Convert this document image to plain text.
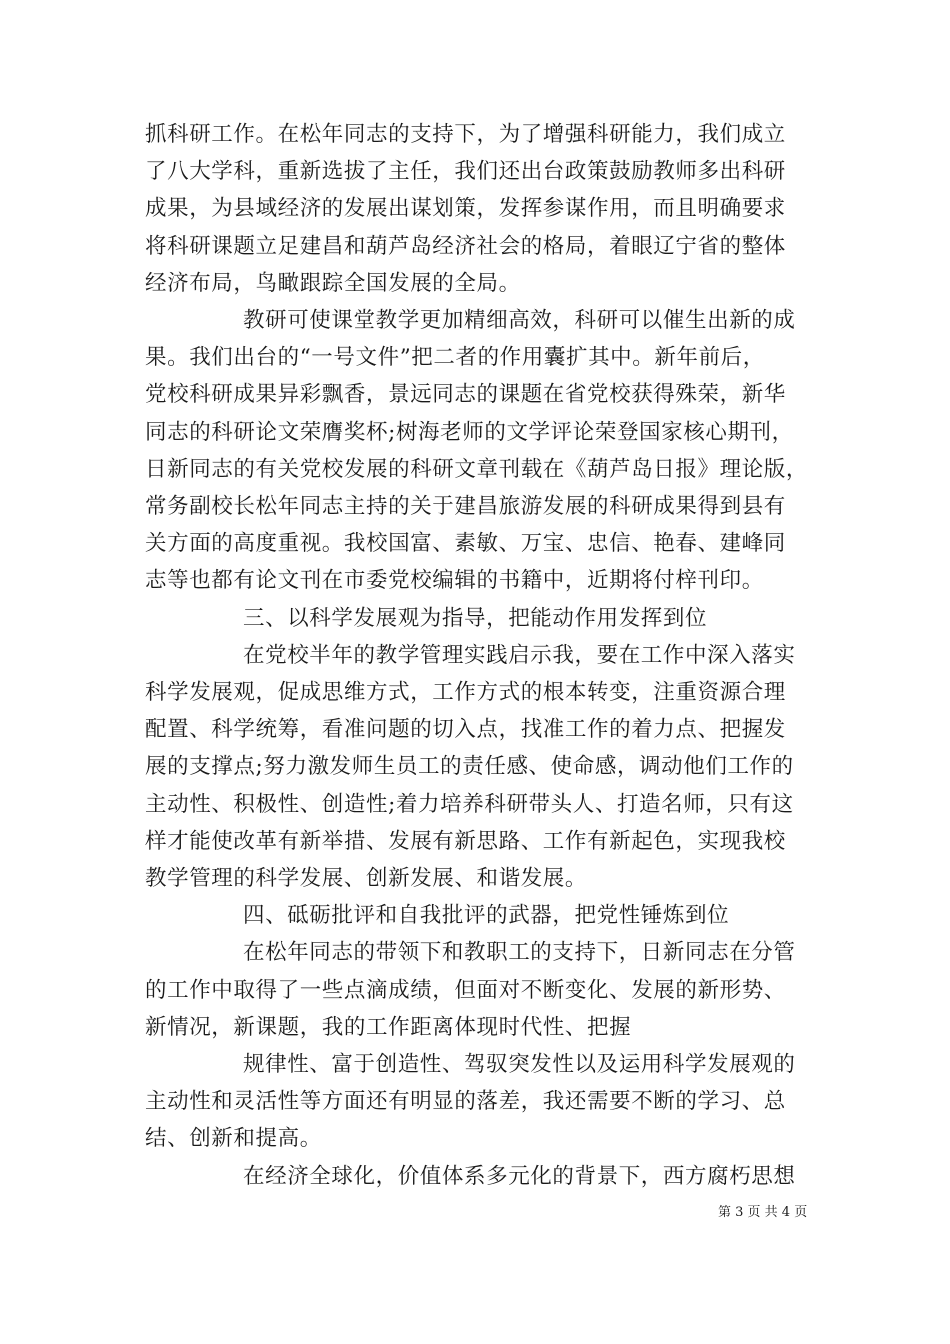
抓科研工作。在松年同志的支持下，为了增强科研能力，我们成立
了八大学科，重新选拔了主任，我们还出台政策鼓励教师多出科研
成果，为县域经济的发展出谋划策，发挥参谋作用，而且明确要求
将科研课题立足建昌和葫芦岛经济社会的格局，着眼辽宁省的整体
经济布局，鸟瞰跟踪全国发展的全局。
教研可使课堂教学更加精细高效，科研可以催生出新的成
果。我们出台的“一号文件”把二者的作用囊扩其中。新年前后，
党校科研成果异彩飘香，景远同志的课题在省党校获得殊荣，新华
同志的科研论文荣膺奖杯;树海老师的文学评论荣登国家核心期刊，
日新同志的有关党校发展的科研文章刊载在《葫芦岛日报》理论版，
常务副校长松年同志主持的关于建昌旅游发展的科研成果得到县有
关方面的高度重视。我校国富、素敏、万宝、忠信、艳春、建峰同
志等也都有论文刊在市委党校编辑的书籍中，近期将付梓刊印。
三、以科学发展观为指导，把能动作用发挥到位
在党校半年的教学管理实践启示我，要在工作中深入落实
科学发展观，促成思维方式，工作方式的根本转变，注重资源合理
配置、科学统筹，看准问题的切入点，找准工作的着力点、把握发
展的支撑点;努力激发师生员工的责任感、使命感，调动他们工作的
主动性、积极性、创造性;着力培养科研带头人、打造名师，只有这
样才能使改革有新举措、发展有新思路、工作有新起色，实现我校
教学管理的科学发展、创新发展、和谐发展。
四、砥砺批评和自我批评的武器，把党性锤炼到位
在松年同志的带领下和教职工的支持下，日新同志在分管
的工作中取得了一些点滴成绩，但面对不断变化、发展的新形势、
新情况，新课题，我的工作距离体现时代性、把握
规律性、富于创造性、驾驭突发性以及运用科学发展观的
主动性和灵活性等方面还有明显的落差，我还需要不断的学习、总
结、创新和提高。
在经济全球化，价值体系多元化的背景下，西方腐朽思想
第 3 页 共 4 页
